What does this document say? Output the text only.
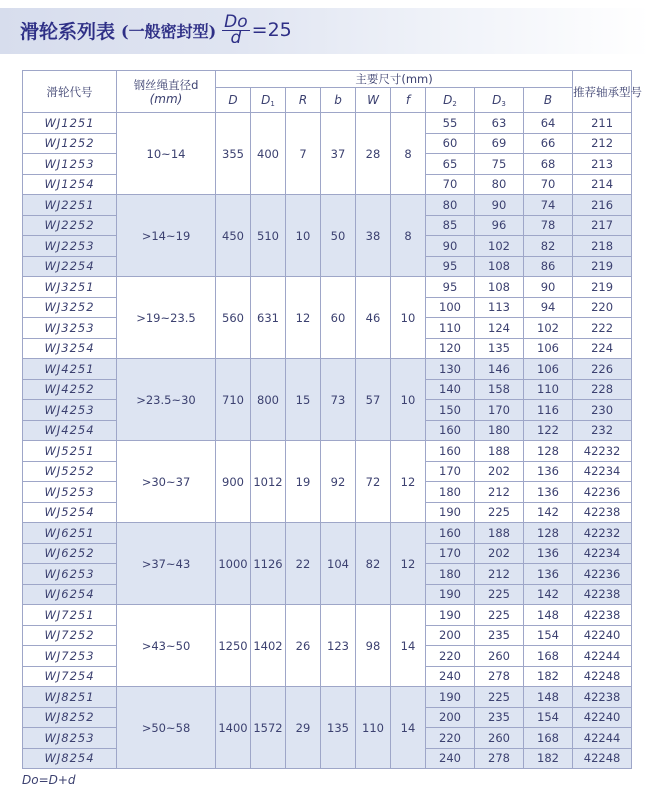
滑轮系列表 (一般密封型) $\frac{Do}{d} =25$
滑轮代号	钢丝绳直径d
(mm)	主要尺寸(mm)									推荐轴承型号
		D	D1	R	b	W	f	D2	D3	B	
WJ1251	10~14	355	400	7	37	28	8	55	63	64	211
WJ1252								60	69	66	212
WJ1253								65	75	68	213
WJ1254								70	80	70	214
WJ2251	>14~19	450	510	10	50	38	8	80	90	74	216
WJ2252								85	96	78	217
WJ2253								90	102	82	218
WJ2254								95	108	86	219
WJ3251	>19~23.5	560	631	12	60	46	10	95	108	90	219
WJ3252								100	113	94	220
WJ3253								110	124	102	222
WJ3254								120	135	106	224
WJ4251	>23.5~30	710	800	15	73	57	10	130	146	106	226
WJ4252								140	158	110	228
WJ4253								150	170	116	230
WJ4254								160	180	122	232
WJ5251	>30~37	900	1012	19	92	72	12	160	188	128	42232
WJ5252								170	202	136	42234
WJ5253								180	212	136	42236
WJ5254								190	225	142	42238
WJ6251	>37~43	1000	1126	22	104	82	12	160	188	128	42232
WJ6252								170	202	136	42234
WJ6253								180	212	136	42236
WJ6254								190	225	142	42238
WJ7251	>43~50	1250	1402	26	123	98	14	190	225	148	42238
WJ7252								200	235	154	42240
WJ7253								220	260	168	42244
WJ7254								240	278	182	42248
WJ8251	>50~58	1400	1572	29	135	110	14	190	225	148	42238
WJ8252								200	235	154	42240
WJ8253								220	260	168	42244
WJ8254								240	278	182	42248
Do=D+d
